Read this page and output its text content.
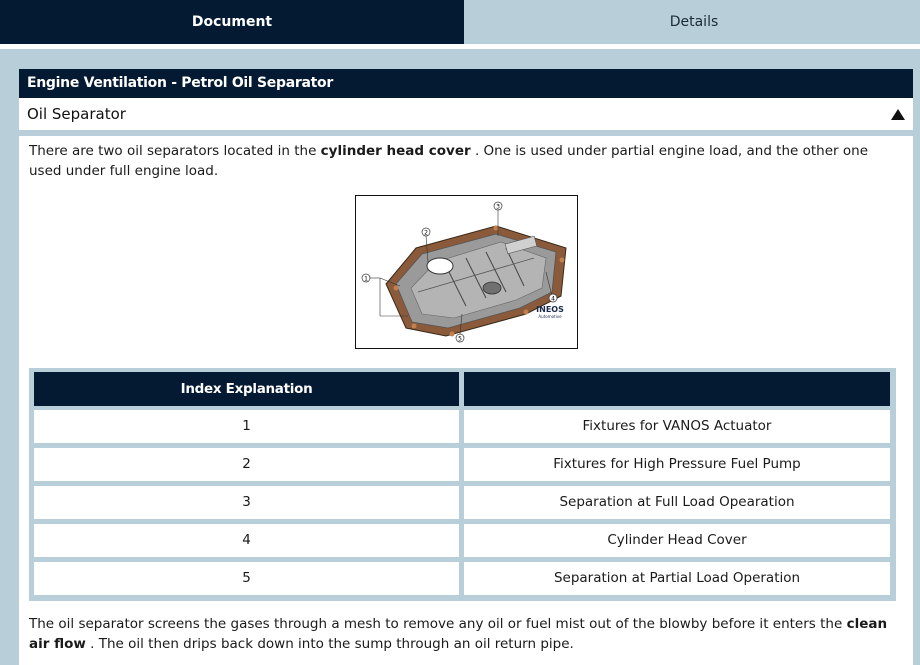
Document	Details
Engine Ventilation - Petrol Oil Separator
Oil Separator

There are two oil separators located in the cylinder head cover . One is used under partial engine load, and the other one used under full engine load.

1
2
3
4
5
INEOS
Automotive
Index Explanation
1	Fixtures for VANOS Actuator
2	Fixtures for High Pressure Fuel Pump
3	Separation at Full Load Opearation
4	Cylinder Head Cover
5	Separation at Partial Load Operation

The oil separator screens the gases through a mesh to remove any oil or fuel mist out of the blowby before it enters the clean air flow . The oil then drips back down into the sump through an oil return pipe.
